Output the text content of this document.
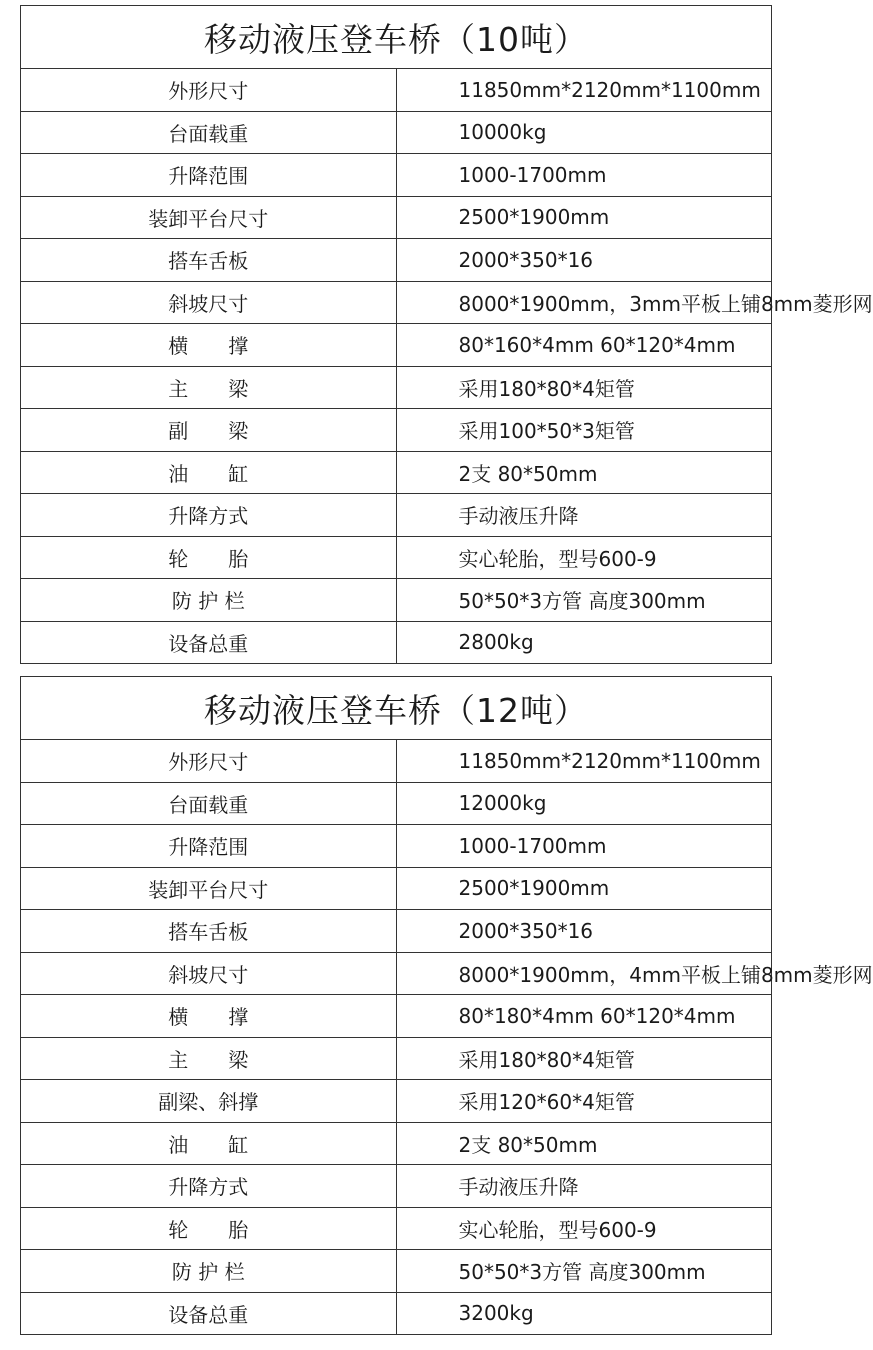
移动液压登车桥（10吨）	
外形尺寸	11850mm*2120mm*1100mm
台面载重	10000kg
升降范围	1000-1700mm
装卸平台尺寸	2500*1900mm
搭车舌板	2000*350*16
斜坡尺寸	8000*1900mm，3mm平板上铺8mm菱形网
横　　撑	80*160*4mm 60*120*4mm
主　　梁	采用180*80*4矩管
副　　梁	采用100*50*3矩管
油　　缸	2支 80*50mm
升降方式	手动液压升降
轮　　胎	实心轮胎，型号600-9
防 护 栏	50*50*3方管 高度300mm
设备总重	2800kg
移动液压登车桥（12吨）	
外形尺寸	11850mm*2120mm*1100mm
台面载重	12000kg
升降范围	1000-1700mm
装卸平台尺寸	2500*1900mm
搭车舌板	2000*350*16
斜坡尺寸	8000*1900mm，4mm平板上铺8mm菱形网
横　　撑	80*180*4mm 60*120*4mm
主　　梁	采用180*80*4矩管
副梁、斜撑	采用120*60*4矩管
油　　缸	2支 80*50mm
升降方式	手动液压升降
轮　　胎	实心轮胎，型号600-9
防 护 栏	50*50*3方管 高度300mm
设备总重	3200kg
